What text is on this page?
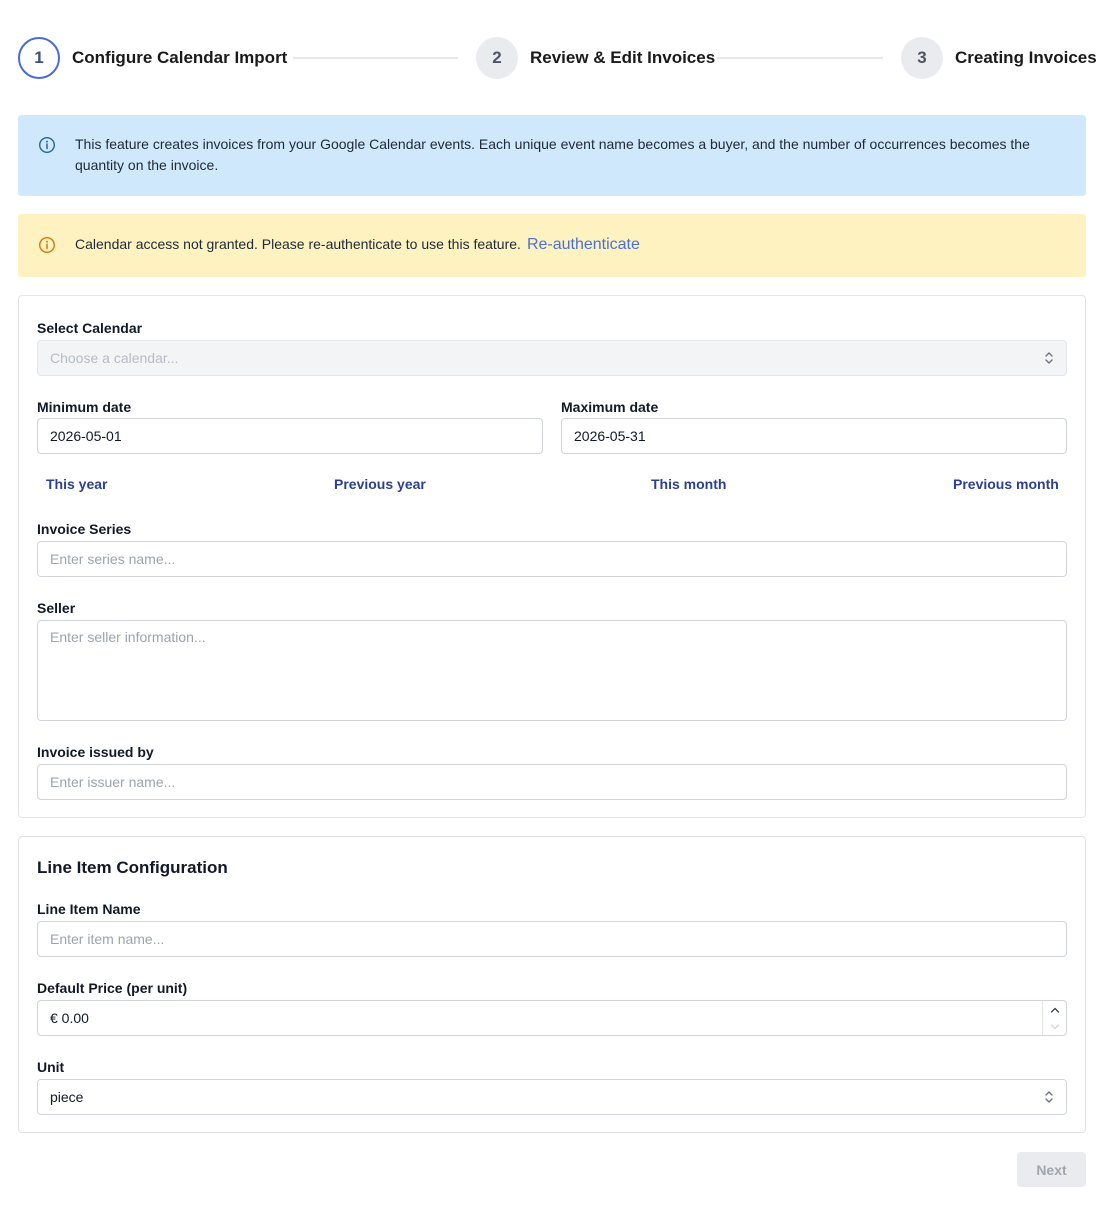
1	Configure Calendar Import	2	Review & Edit Invoices	3	Creating Invoices
This feature creates invoices from your Google Calendar events. Each unique event name becomes a buyer, and the number of occurrences becomes the quantity on the invoice.
Calendar access not granted. Please re-authenticate to use this feature. Re-authenticate
Select Calendar
Choose a calendar...
Minimum date
2026-05-01
Maximum date
2026-05-31
This year	Previous year	This month	Previous month
Invoice Series
Enter series name...
Seller
Enter seller information...
Invoice issued by
Enter issuer name...
Line Item Configuration
Line Item Name
Enter item name...
Default Price (per unit)
€ 0.00
Unit
piece
Next
